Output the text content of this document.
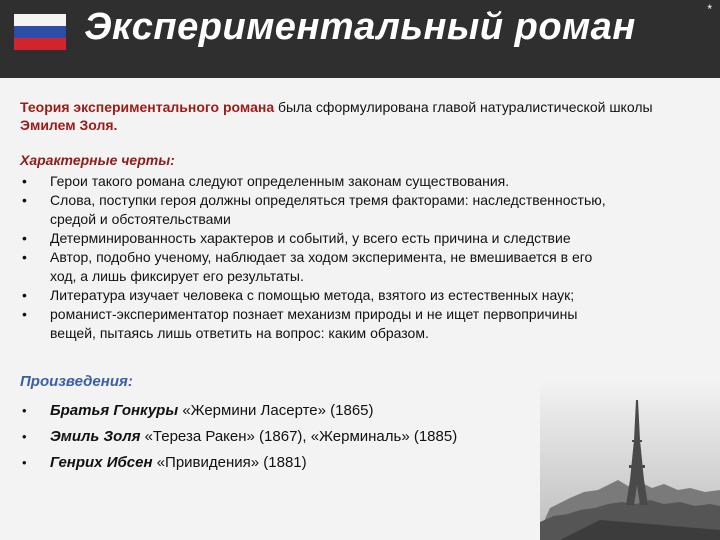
Экспериментальный роман	*
Теория экспериментального романа была сформулирована главой натуралистической школы Эмилем Золя.
Характерные черты:
• Герои такого романа следуют определенным законам существования.
• Слова, поступки героя должны определяться тремя факторами: наследственностью,
средой и обстоятельствами
• Детерминированность характеров и событий, у всего есть причина и следствие
• Автор, подобно ученому, наблюдает за ходом эксперимента, не вмешивается в его
ход, а лишь фиксирует его результаты.
• Литература изучает человека с помощью метода, взятого из естественных наук;
• романист-экспериментатор познает механизм природы и не ищет первопричины
вещей, пытаясь лишь ответить на вопрос: каким образом.
Произведения:
• Братья Гонкуры «Жермини Ласерте» (1865)
• Эмиль Золя «Тереза Ракен» (1867), «Жерминаль» (1885)
• Генрих Ибсен «Привидения» (1881)
